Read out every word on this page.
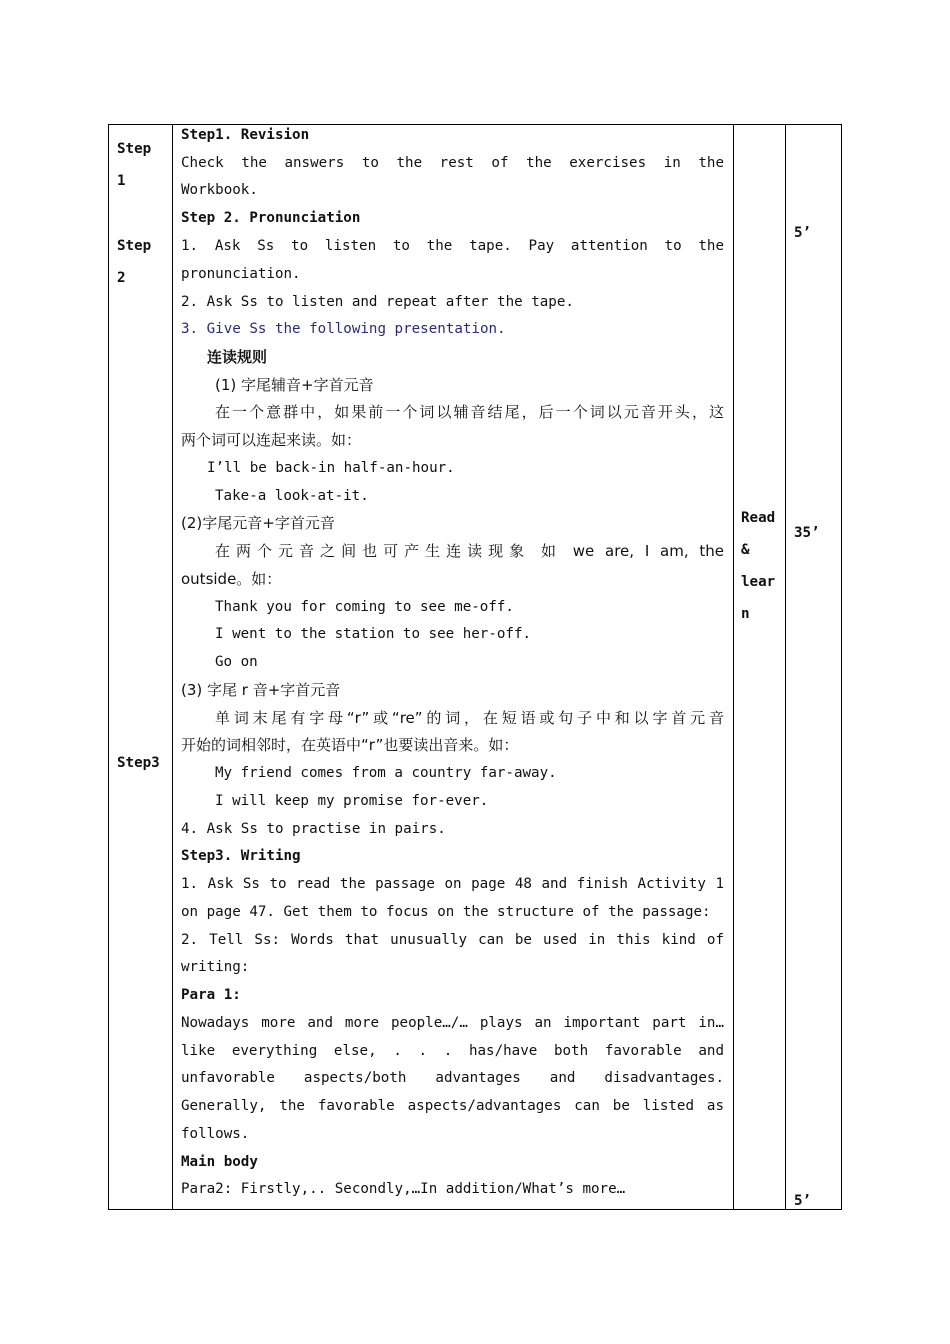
Step
1
Step
2
Step3
Step1. Revision
Check the answers to the rest of the exercises in the
Workbook.
Step 2. Pronunciation
1. Ask Ss to listen to the tape. Pay attention to the
pronunciation.
2. Ask Ss to listen and repeat after the tape.
3. Give Ss the following presentation.
连读规则
(1) 字尾辅音+字首元音
在一个意群中，如果前一个词以辅音结尾，后一个词以元音开头，这
两个词可以连起来读。如：
I’ll be back-in half-an-hour.
Take-a look-at-it.
(2)字尾元音+字首元音
在两个元音之间也可产生连读现象 如 we are, I am, the
outside。如：
Thank you for coming to see me-off.
I went to the station to see her-off.
Go on
(3) 字尾 r 音+字首元音
单词末尾有字母“r”或“re”的词，在短语或句子中和以字首元音
开始的词相邻时，在英语中“r”也要读出音来。如：
My friend comes from a country far-away.
I will keep my promise for-ever.
4. Ask Ss to practise in pairs.
Step3. Writing
1. Ask Ss to read the passage on page 48 and finish Activity 1
on page 47. Get them to focus on the structure of the passage:
2. Tell Ss: Words that unusually can be used in this kind of
writing:
Para 1:
Nowadays more and more people…/… plays an important part in…
like everything else, . . . has/have both favorable and
unfavorable aspects/both advantages and disadvantages.
Generally, the favorable aspects/advantages can be listed as
follows.
Main body
Para2: Firstly,.. Secondly,…In addition/What’s more…
Read
&
lear
n
5’
35’
5’
